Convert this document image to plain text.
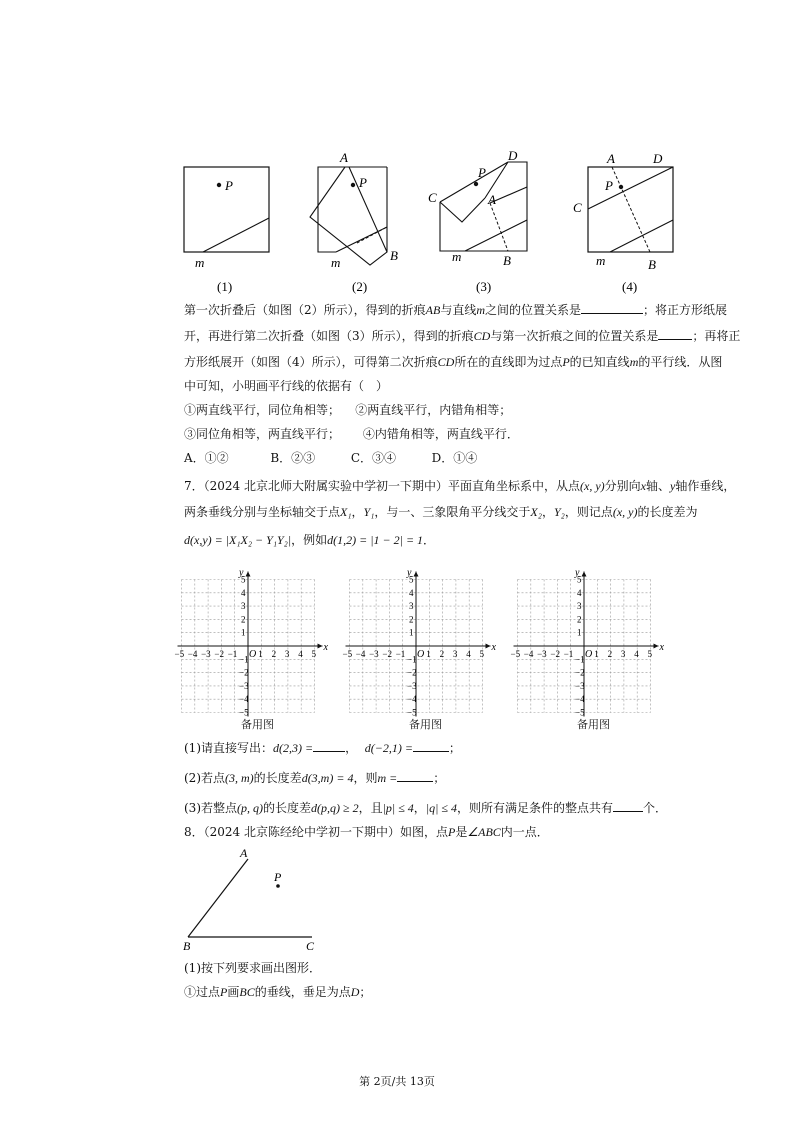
P
m
P
A
B
m
P
C
D
A
B
m
P
A	D
C
B
m
(1)	(2)	(3)	(4)
第一次折叠后（如图（2）所示），得到的折痕AB与直线m之间的位置关系是	；将正方形纸展
开，再进行第二次折叠（如图（3）所示），得到的折痕CD与第一次折痕之间的位置关系是	；再将正
方形纸展开（如图（4）所示），可得第二次折痕CD所在的直线即为过点P的已知直线m的平行线．从图
中可知，小明画平行线的依据有（　）
①两直线平行，同位角相等； ②两直线平行，内错角相等；
③同位角相等，两直线平行； ④内错角相等，两直线平行．
A．①②	B．②③	C．③④	D．①④
7．（2024 北京北师大附属实验中学初一下期中）平面直角坐标系中，从点(x, y)分别向x轴、y轴作垂线，
两条垂线分别与坐标轴交于点X₁，Y₁，与一、三象限角平分线交于X₂，Y₂，则记点(x, y)的长度差为
d(x,y) = |X₁X₂ − Y₁Y₂|，例如d(1,2) = |1 − 2| = 1．
x
y
O
−5 −4 −3 −2 −1 1 2 3 4 5
5
4
3
2
1
−1
−2
−3
−4
−5
x
y
O
−5 −4 −3 −2 −1 1 2 3 4 5
5
4
3
2
1
−1
−2
−3
−4
−5
x
y
O
−5 −4 −3 −2 −1 1 2 3 4 5
5
4
3
2
1
−1
−2
−3
−4
−5
备用图	备用图	备用图
(1)请直接写出：d(2,3) =	，  d(−2,1) =	；
(2)若点(3, m)的长度差d(3,m) = 4，则m =	；
(3)若整点(p, q)的长度差d(p,q) ≥ 2，且|p| ≤ 4，|q| ≤ 4，则所有满足条件的整点共有	个．
8．（2024 北京陈经纶中学初一下期中）如图，点P是∠ABC内一点．
A
B	C
P
(1)按下列要求画出图形．
①过点P画BC的垂线，垂足为点D；
第 2页/共 13页
